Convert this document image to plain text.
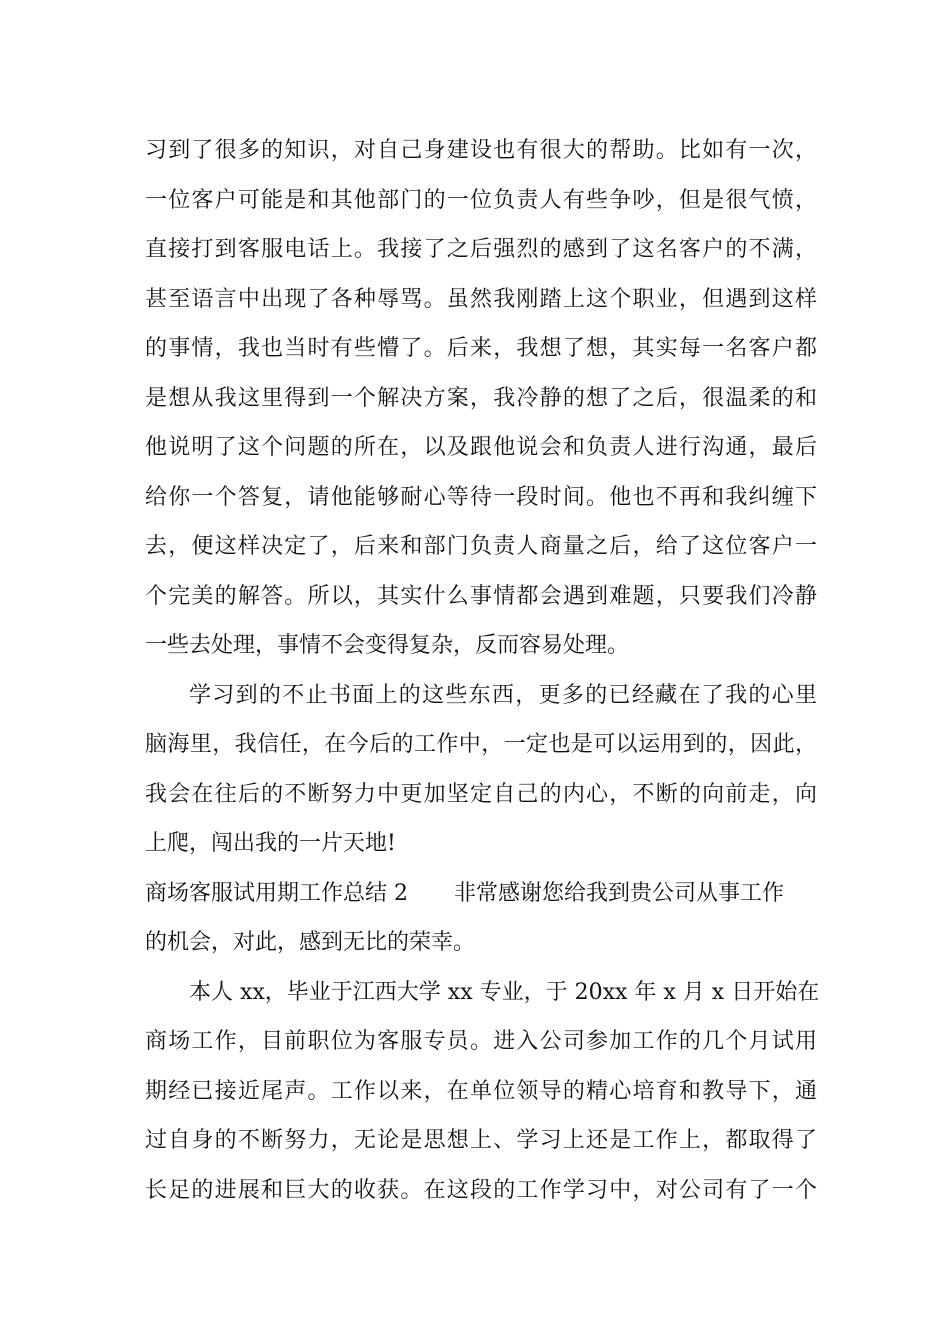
习到了很多的知识，对自己身建设也有很大的帮助。比如有一次，
一位客户可能是和其他部门的一位负责人有些争吵，但是很气愤，
直接打到客服电话上。我接了之后强烈的感到了这名客户的不满，
甚至语言中出现了各种辱骂。虽然我刚踏上这个职业，但遇到这样
的事情，我也当时有些懵了。后来，我想了想，其实每一名客户都
是想从我这里得到一个解决方案，我冷静的想了之后，很温柔的和
他说明了这个问题的所在，以及跟他说会和负责人进行沟通，最后
给你一个答复，请他能够耐心等待一段时间。他也不再和我纠缠下
去，便这样决定了，后来和部门负责人商量之后，给了这位客户一
个完美的解答。所以，其实什么事情都会遇到难题，只要我们冷静
一些去处理，事情不会变得复杂，反而容易处理。
学习到的不止书面上的这些东西，更多的已经藏在了我的心里
脑海里，我信任，在今后的工作中，一定也是可以运用到的，因此，
我会在往后的不断努力中更加坚定自己的内心，不断的向前走，向
上爬，闯出我的一片天地!
商场客服试用期工作总结 2 非常感谢您给我到贵公司从事工作
的机会，对此，感到无比的荣幸。
本人 xx，毕业于江西大学 xx 专业，于 20xx 年 x 月 x 日开始在
商场工作，目前职位为客服专员。进入公司参加工作的几个月试用
期经已接近尾声。工作以来，在单位领导的精心培育和教导下，通
过自身的不断努力，无论是思想上、学习上还是工作上，都取得了
长足的进展和巨大的收获。在这段的工作学习中，对公司有了一个
